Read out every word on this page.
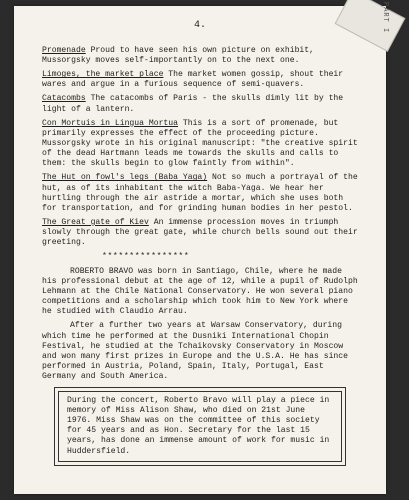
PART I
4.

Promenade Proud to have seen his own picture on exhibit, Mussorgsky moves self-importantly on to the next one.

Limoges, the market place The market women gossip, shout their wares and argue in a furious sequence of semi-quavers.

Catacombs The catacombs of Paris - the skulls dimly lit by the light of a lantern.

Con Mortuis in Lingua Mortua This is a sort of promenade, but primarily expresses the effect of the proceeding picture. Mussorgsky wrote in his original manuscript: "the creative spirit of the dead Hartmann leads me towards the skulls and calls to them: the skulls begin to glow faintly from within".

The Hut on fowl's legs (Baba Yaga) Not so much a portrayal of the hut, as of its inhabitant the witch Baba-Yaga. We hear her hurtling through the air astride a mortar, which she uses both for transportation, and for grinding human bodies in her pestol.

The Great gate of Kiev An immense procession moves in triumph slowly through the great gate, while church bells sound out their greeting.

****************

ROBERTO BRAVO was born in Santiago, Chile, where he made his professional debut at the age of 12, while a pupil of Rudolph Lehmann at the Chile National Conservatory. He won several piano competitions and a scholarship which took him to New York where he studied with Claudio Arrau.

After a further two years at Warsaw Conservatory, during which time he performed at the Dusniki International Chopin Festival, he studied at the Tchaikovsky Conservatory in Moscow and won many first prizes in Europe and the U.S.A. He has since performed in Austria, Poland, Spain, Italy, Portugal, East Germany and South America.

During the concert, Roberto Bravo will play a piece in memory of Miss Alison Shaw, who died on 21st June 1976. Miss Shaw was on the committee of this society for 45 years and as Hon. Secretary for the last 15 years, has done an immense amount of work for music in Huddersfield.
